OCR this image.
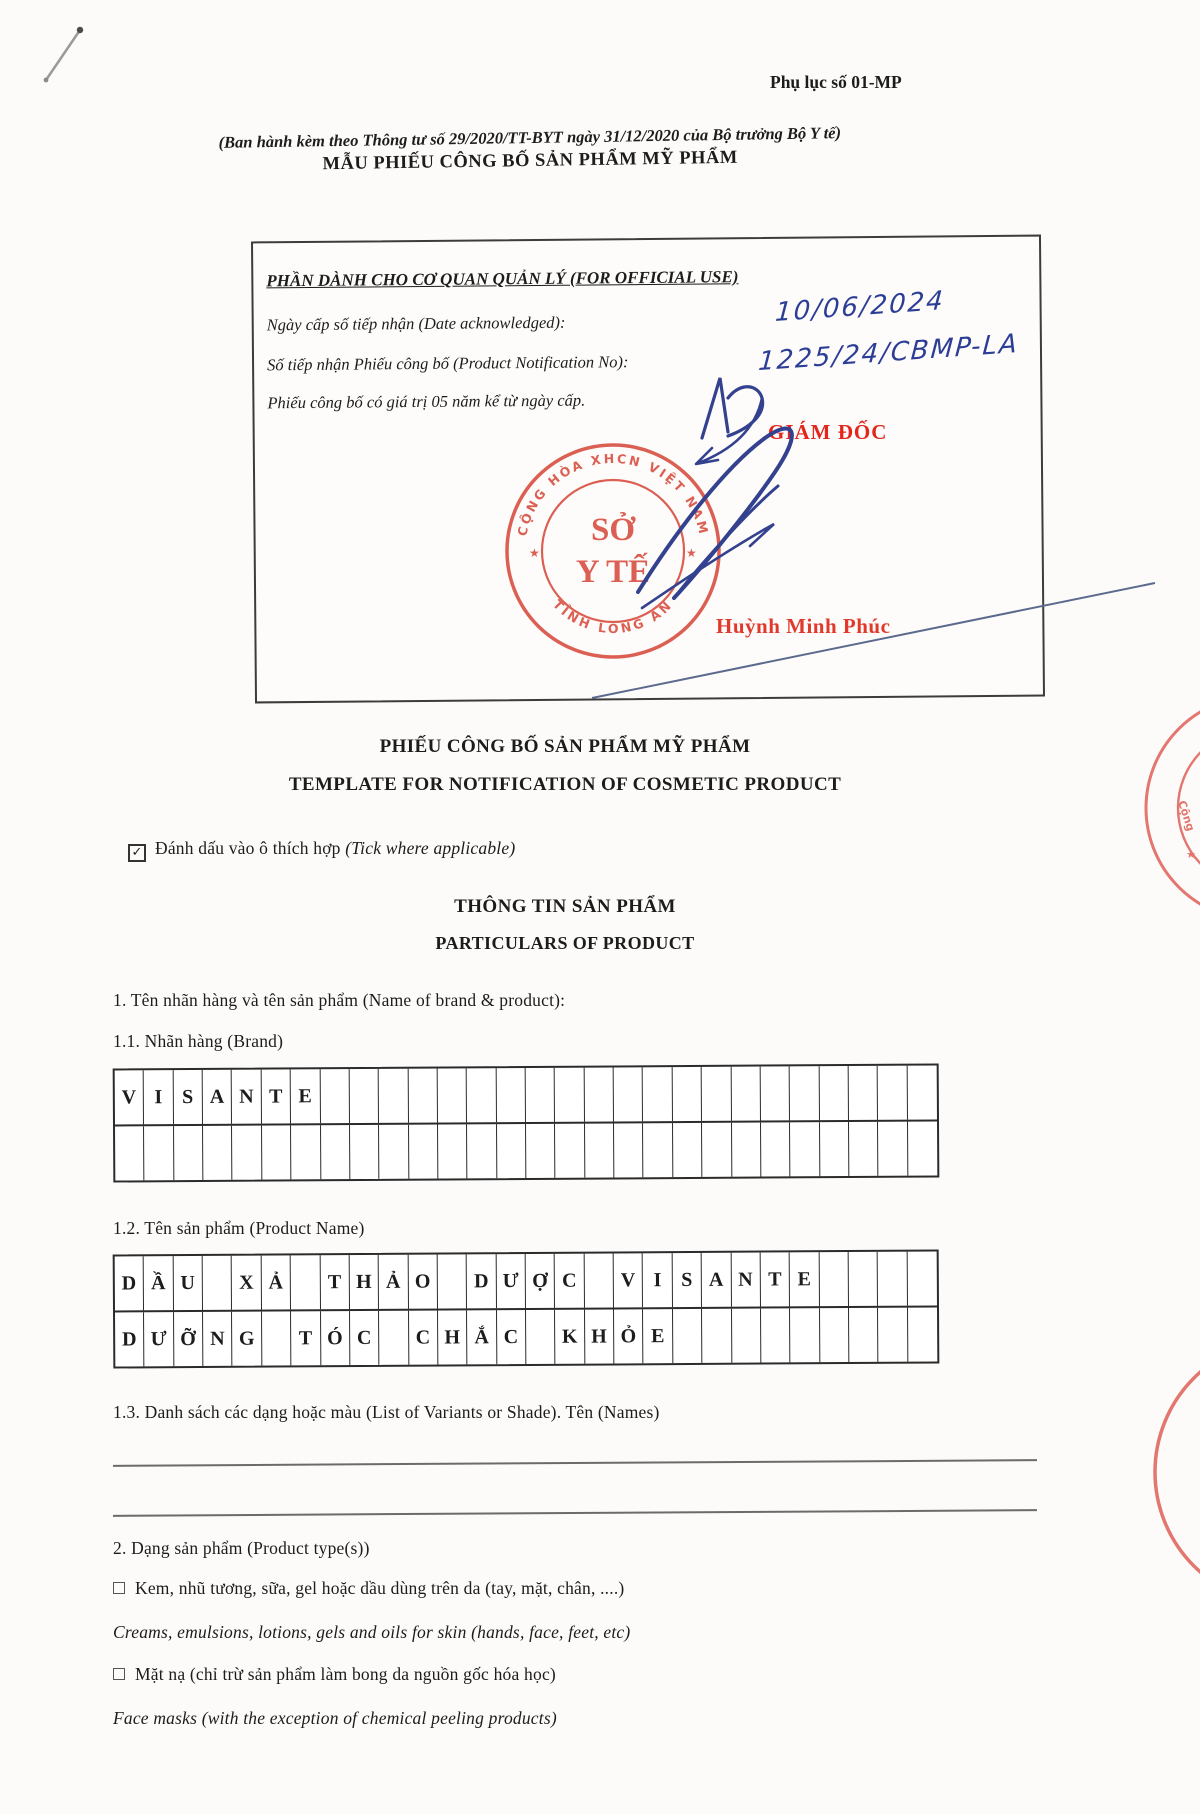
Phụ lục số 01-MP
(Ban hành kèm theo Thông tư số 29/2020/TT-BYT ngày 31/12/2020 của Bộ trưởng Bộ Y tế)
MẪU PHIẾU CÔNG BỐ SẢN PHẨM MỸ PHẨM
PHẦN DÀNH CHO CƠ QUAN QUẢN LÝ (FOR OFFICIAL USE)
Ngày cấp số tiếp nhận (Date acknowledged):
Số tiếp nhận Phiếu công bố (Product Notification No):
Phiếu công bố có giá trị 05 năm kể từ ngày cấp.
10/06/2024
1225/24/CBMP-LA
GIÁM ĐỐC
CỘNG HÒA XHCN VIỆT NAM
TỈNH LONG AN
★	★
SỞ
Y TẾ
Huỳnh Minh Phúc
Cộng
★
PHIẾU CÔNG BỐ SẢN PHẨM MỸ PHẨM
TEMPLATE FOR NOTIFICATION OF COSMETIC PRODUCT
✓ Đánh dấu vào ô thích hợp (Tick where applicable)
THÔNG TIN SẢN PHẨM
PARTICULARS OF PRODUCT
1. Tên nhãn hàng và tên sản phẩm (Name of brand & product):
1.1. Nhãn hàng (Brand)
V I S A N T E
1.2. Tên sản phẩm (Product Name)
D Ầ U	X Ả	T H Ả O	D Ư Ợ C	V I S A N T E
D Ư Ỡ N G	T Ó C	C H Ắ C	K H Ỏ E
1.3. Danh sách các dạng hoặc màu (List of Variants or Shade). Tên (Names)
2. Dạng sản phẩm (Product type(s))
Kem, nhũ tương, sữa, gel hoặc dầu dùng trên da (tay, mặt, chân, ....)
Creams, emulsions, lotions, gels and oils for skin (hands, face, feet, etc)
Mặt nạ (chỉ trừ sản phẩm làm bong da nguồn gốc hóa học)
Face masks (with the exception of chemical peeling products)
